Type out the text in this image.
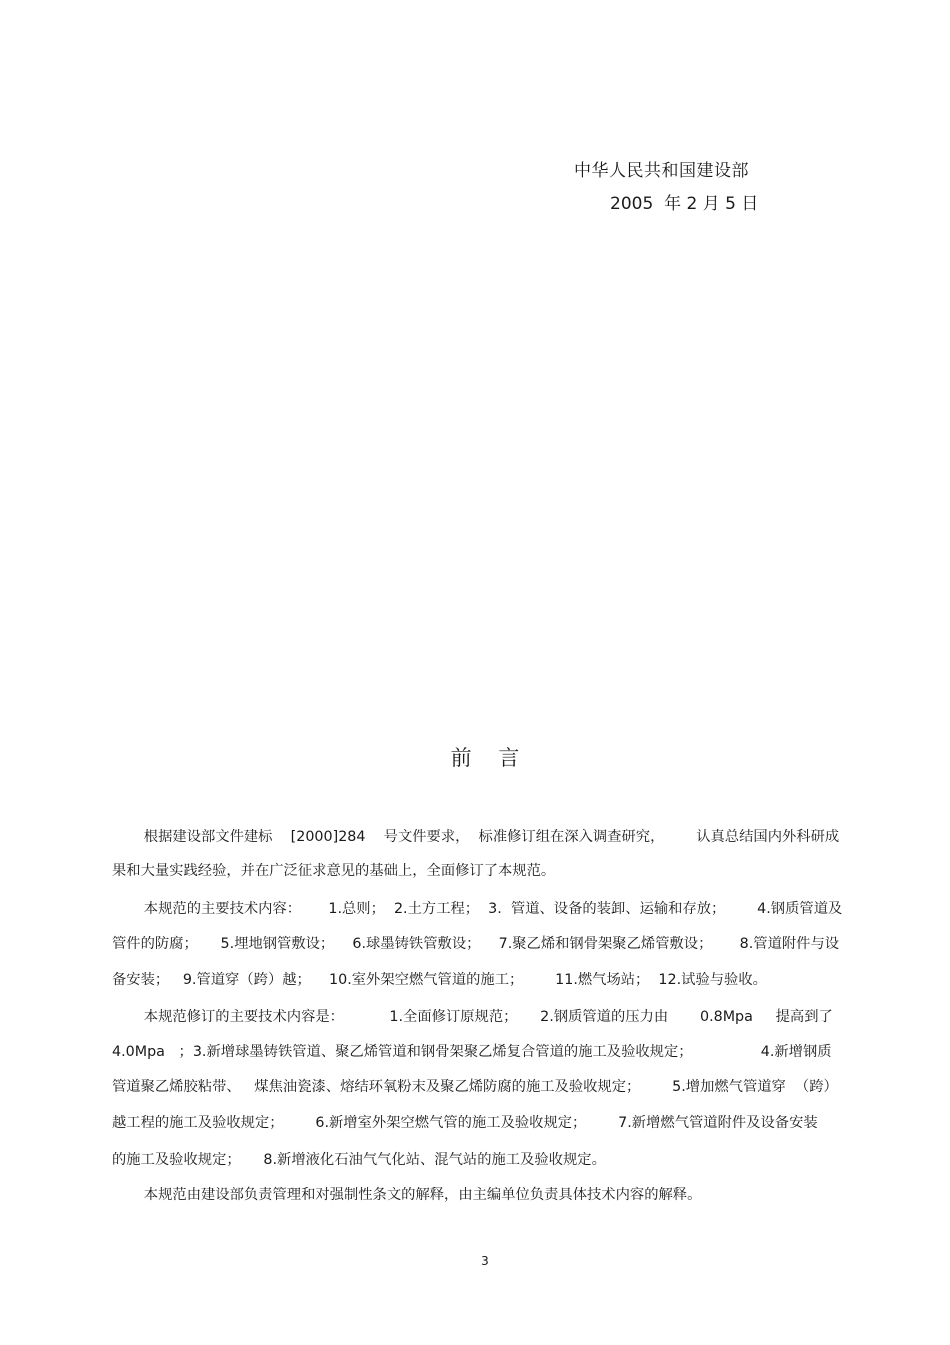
中华人民共和国建设部
2005  年 2 月 5 日
前    言
根据建设部文件建标    [2000]284    号文件要求，  标准修订组在深入调查研究，       认真总结国内外科研成
果和大量实践经验，并在广泛征求意见的基础上，全面修订了本规范。
本规范的主要技术内容：      1.总则；  2.土方工程；  3.  管道、设备的装卸、运输和存放；       4.钢质管道及
管件的防腐；     5.埋地钢管敷设；    6.球墨铸铁管敷设；    7.聚乙烯和钢骨架聚乙烯管敷设；      8.管道附件与设
备安装；   9.管道穿（跨）越；    10.室外架空燃气管道的施工；       11.燃气场站；  12.试验与验收。
本规范修订的主要技术内容是：          1.全面修订原规范；     2.钢质管道的压力由       0.8Mpa     提高到了
4.0Mpa   ；3.新增球墨铸铁管道、聚乙烯管道和钢骨架聚乙烯复合管道的施工及验收规定；               4.新增钢质
管道聚乙烯胶粘带、   煤焦油瓷漆、熔结环氧粉末及聚乙烯防腐的施工及验收规定；       5.增加燃气管道穿  （跨）
越工程的施工及验收规定；       6.新增室外架空燃气管的施工及验收规定；       7.新增燃气管道附件及设备安装
的施工及验收规定；     8.新增液化石油气气化站、混气站的施工及验收规定。
本规范由建设部负责管理和对强制性条文的解释，由主编单位负责具体技术内容的解释。
3
